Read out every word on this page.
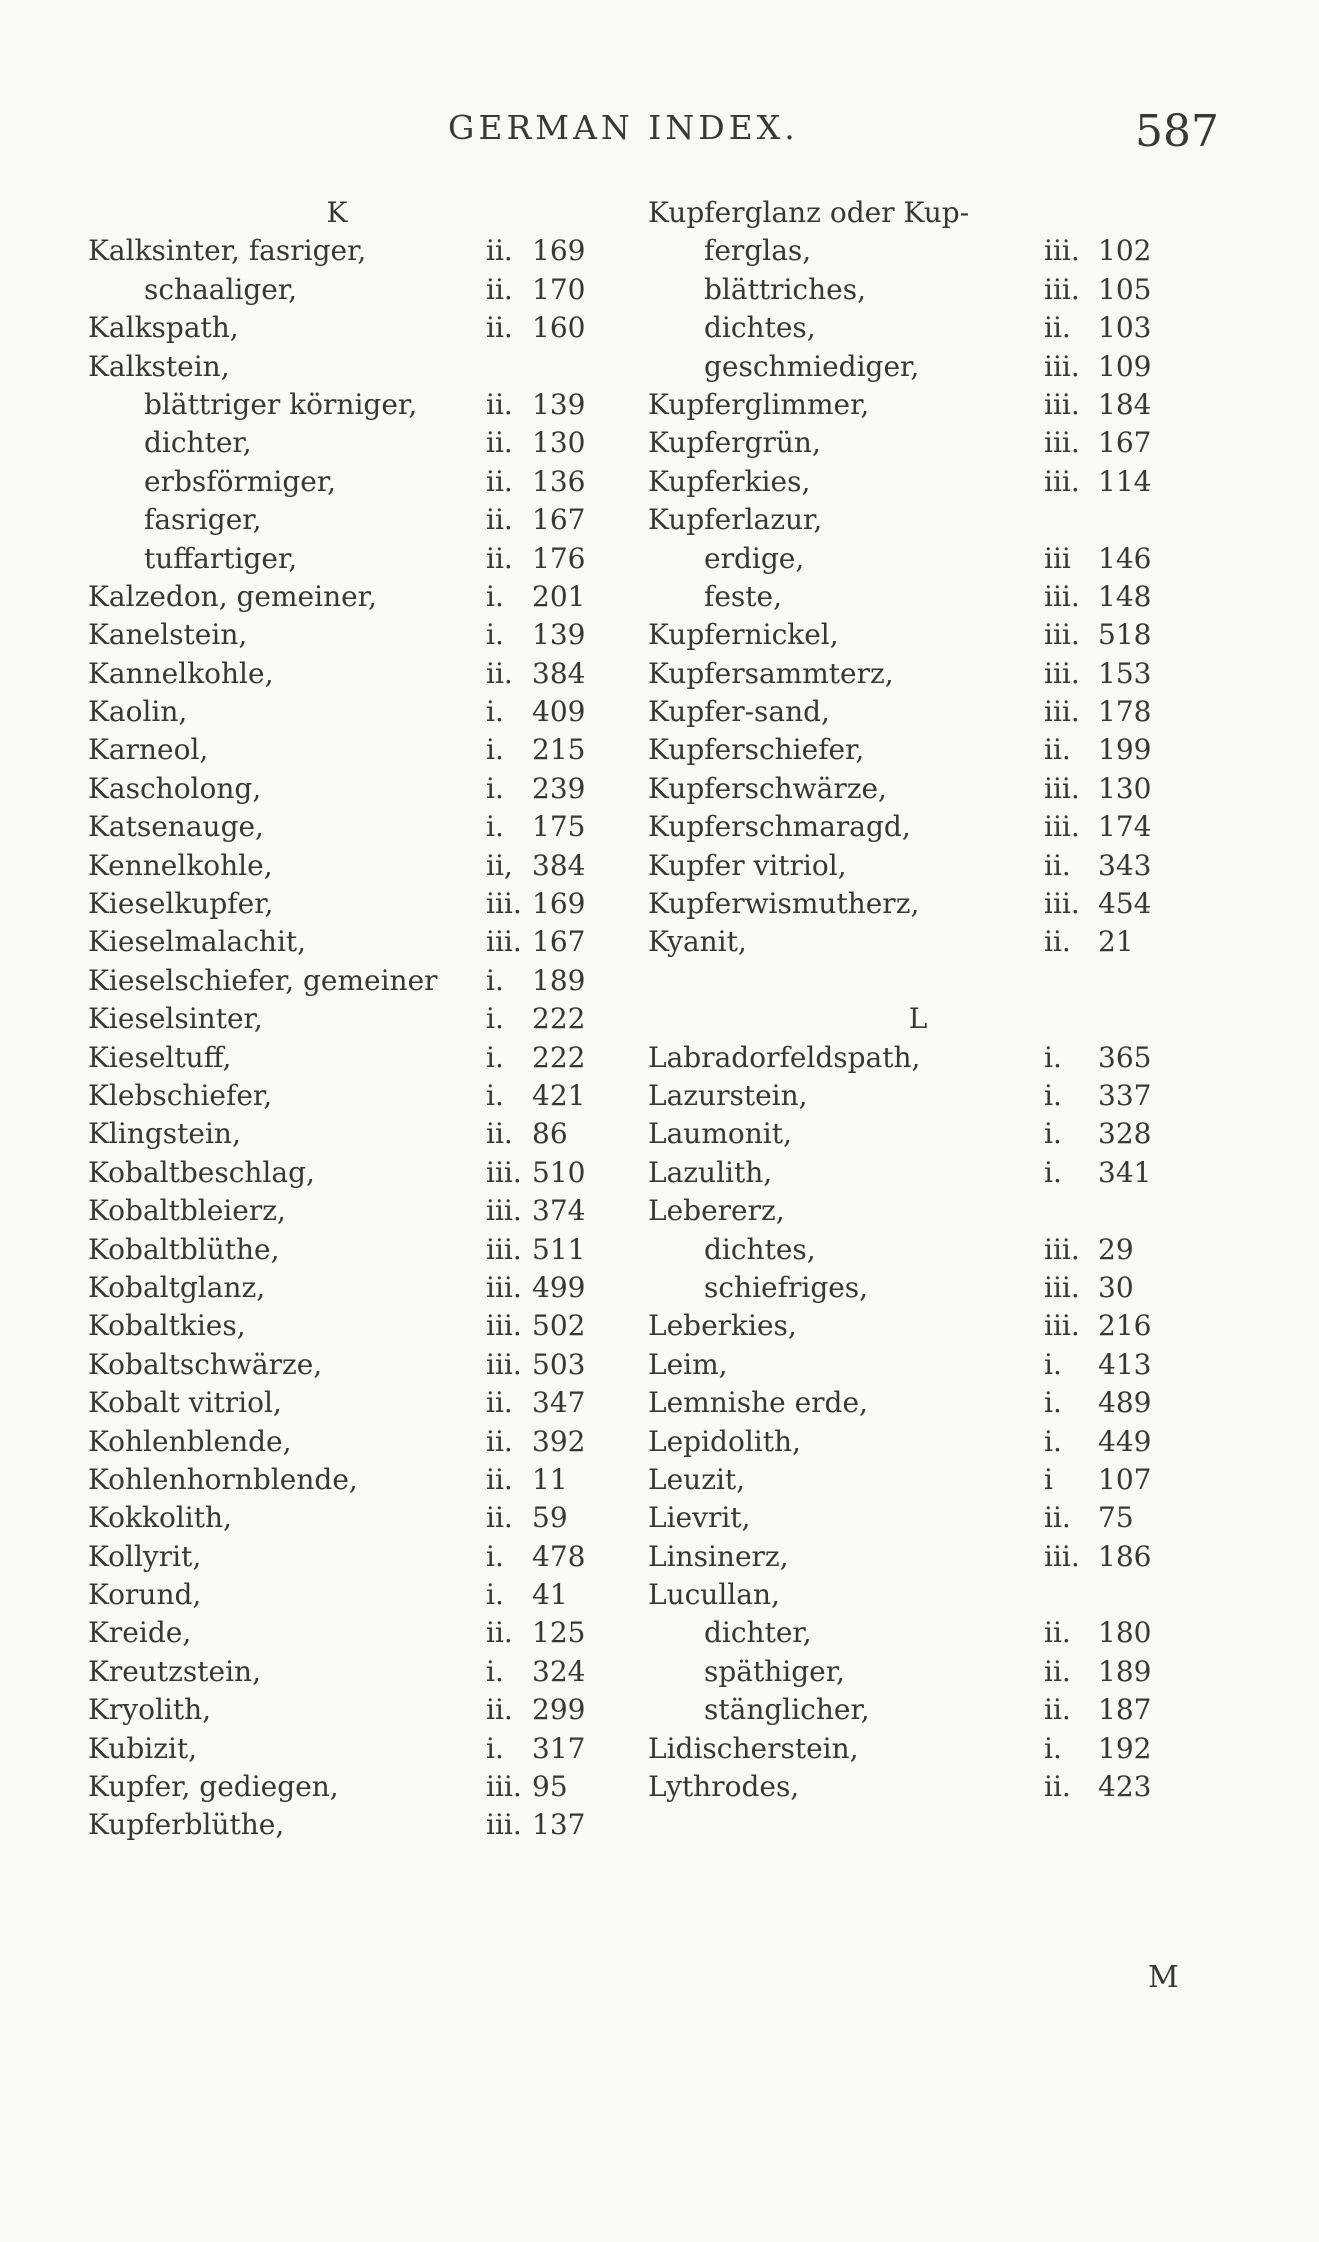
GERMAN INDEX.	587
K
Kalksinter, fasriger,	ii. 169
schaaliger,	ii. 170
Kalkspath,	ii. 160
Kalkstein,
blättriger körniger, ii. 139
dichter,	ii. 130
erbsförmiger,	ii. 136
fasriger,	ii. 167
tuffartiger,	ii. 176
Kalzedon, gemeiner,	i. 201
Kanelstein,	i. 139
Kannelkohle,	ii. 384
Kaolin,	i. 409
Karneol,	i. 215
Kascholong,	i. 239
Katsenauge,	i. 175
Kennelkohle,	ii, 384
Kieselkupfer,	iii. 169
Kieselmalachit,	iii. 167
Kieselschiefer, gemeiner i. 189
Kieselsinter,	i. 222
Kieseltuff,	i. 222
Klebschiefer,	i. 421
Klingstein,	ii. 86
Kobaltbeschlag,	iii. 510
Kobaltbleierz,	iii. 374
Kobaltblüthe,	iii. 511
Kobaltglanz,	iii. 499
Kobaltkies,	iii. 502
Kobaltschwärze,	iii. 503
Kobalt vitriol,	ii. 347
Kohlenblende,	ii. 392
Kohlenhornblende,	ii. 11
Kokkolith,	ii. 59
Kollyrit,	i. 478
Korund,	i. 41
Kreide,	ii. 125
Kreutzstein,	i. 324
Kryolith,	ii. 299
Kubizit,	i. 317
Kupfer, gediegen,	iii. 95
Kupferblüthe,	iii. 137
Kupferglanz oder Kup-
ferglas,	iii. 102
blättriches,	iii. 105
dichtes,	ii. 103
geschmiediger,	iii. 109
Kupferglimmer,	iii. 184
Kupfergrün,	iii. 167
Kupferkies,	iii. 114
Kupferlazur,
erdige,	iii 146
feste,	iii. 148
Kupfernickel,	iii. 518
Kupfersammterz,	iii. 153
Kupfer-sand,	iii. 178
Kupferschiefer,	ii. 199
Kupferschwärze,	iii. 130
Kupferschmaragd,	iii. 174
Kupfer vitriol,	ii. 343
Kupferwismutherz,	iii. 454
Kyanit,	ii. 21
L
Labradorfeldspath,	i. 365
Lazurstein,	i. 337
Laumonit,	i. 328
Lazulith,	i. 341
Lebererz,
dichtes,	iii. 29
schiefriges,	iii. 30
Leberkies,	iii. 216
Leim,	i. 413
Lemnishe erde,	i. 489
Lepidolith,	i. 449
Leuzit,	i 107
Lievrit,	ii. 75
Linsinerz,	iii. 186
Lucullan,
dichter,	ii. 180
späthiger,	ii. 189
stänglicher,	ii. 187
Lidischerstein,	i. 192
Lythrodes,	ii. 423
M
